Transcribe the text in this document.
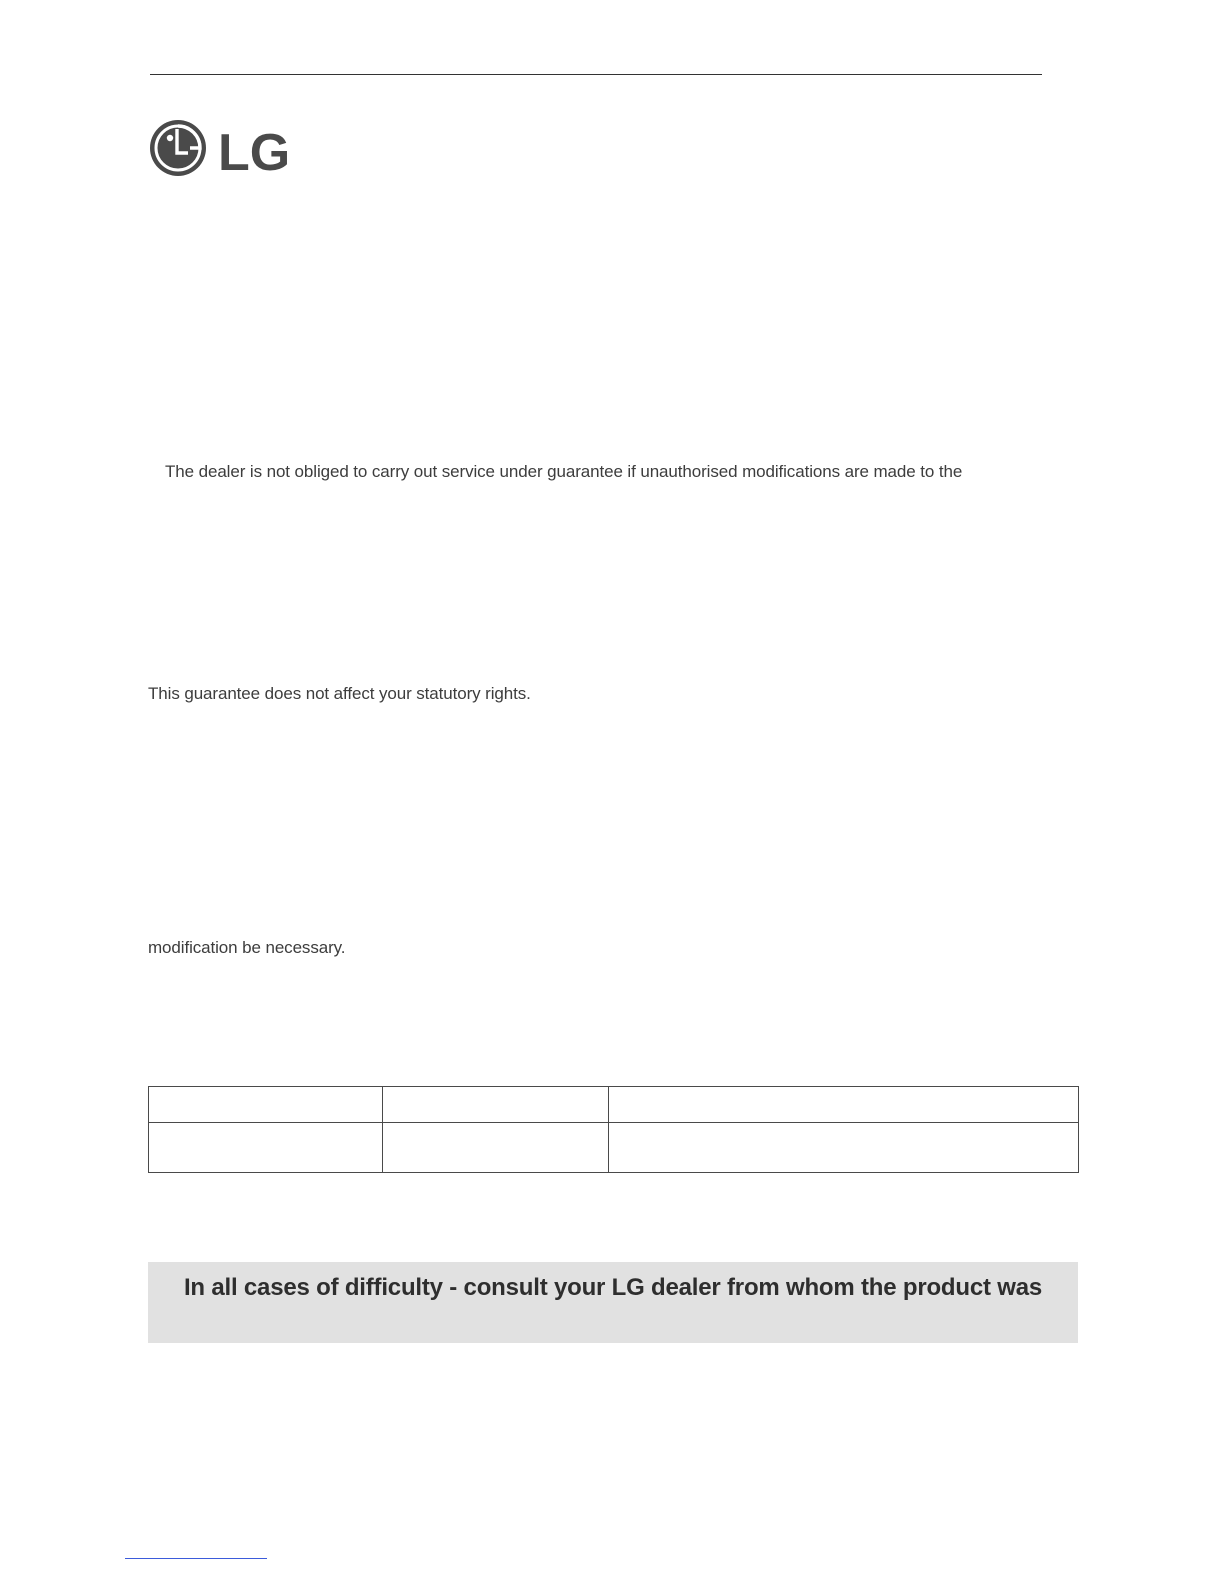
LG
The dealer is not obliged to carry out service under guarantee if unauthorised modifications are made to the
This guarantee does not affect your statutory rights.
modification be necessary.

In all cases of difficulty - consult your LG dealer from whom the product was
